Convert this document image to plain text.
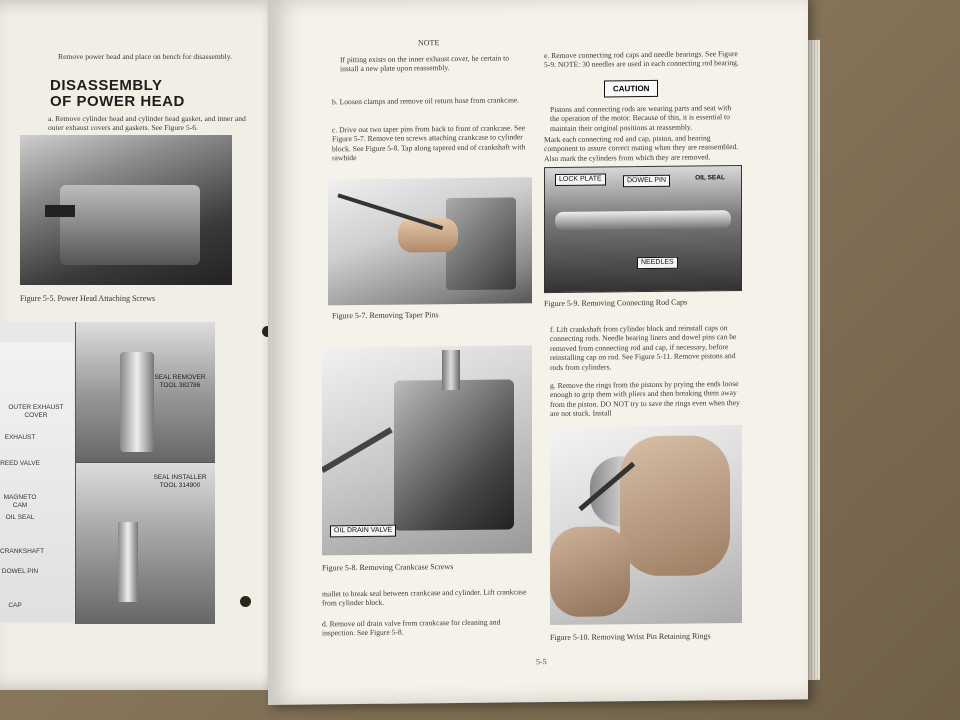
Remove power head and place on bench for disassembly.
DISASSEMBLY
OF POWER HEAD
a. Remove cylinder head and cylinder head gasket, and inner and outer exhaust covers and gaskets. See Figure 5-6.
Figure 5-5. Power Head Attaching Screws
OUTER EXHAUST COVER
SEAL REMOVER TOOL 382786
SEAL INSTALLER TOOL 314900
EXHAUST
REED VALVE
MAGNETO CAM
OIL SEAL
CRANKSHAFT
DOWEL PIN
CAP
NOTE
If pitting exists on the inner exhaust cover, be certain to install a new plate upon reassembly.
b. Loosen clamps and remove oil return hose from crankcase.
c. Drive out two taper pins from back to front of crankcase. See Figure 5-7. Remove ten screws attaching crankcase to cylinder block. See Figure 5-8. Tap along tapered end of crankshaft with rawhide
Figure 5-7. Removing Taper Pins
OIL DRAIN VALVE
Figure 5-8. Removing Crankcase Screws
mallet to break seal between crankcase and cylinder. Lift crankcase from cylinder block.
d. Remove oil drain valve from crankcase for cleaning and inspection. See Figure 5-8.
e. Remove connecting rod caps and needle bearings. See Figure 5-9. NOTE: 30 needles are used in each connecting rod bearing.
CAUTION
Pistons and connecting rods are wearing parts and seat with the operation of the motor. Because of this, it is essential to maintain their original positions at reassembly.
Mark each connecting rod and cap, piston, and bearing component to assure correct mating when they are reassembled. Also mark the cylinders from which they are removed.
LOCK PLATE	DOWEL PIN	OIL SEAL
NEEDLES
Figure 5-9. Removing Connecting Rod Caps
f. Lift crankshaft from cylinder block and reinstall caps on connecting rods. Needle bearing liners and dowel pins can be removed from connecting rod and cap, if necessary, before reinstalling cap on rod. See Figure 5-11. Remove pistons and rods from cylinders.
g. Remove the rings from the pistons by prying the ends loose enough to grip them with pliers and then breaking them away from the piston. DO NOT try to save the rings even when they are not stuck. Install
Figure 5-10. Removing Wrist Pin Retaining Rings
5-5
